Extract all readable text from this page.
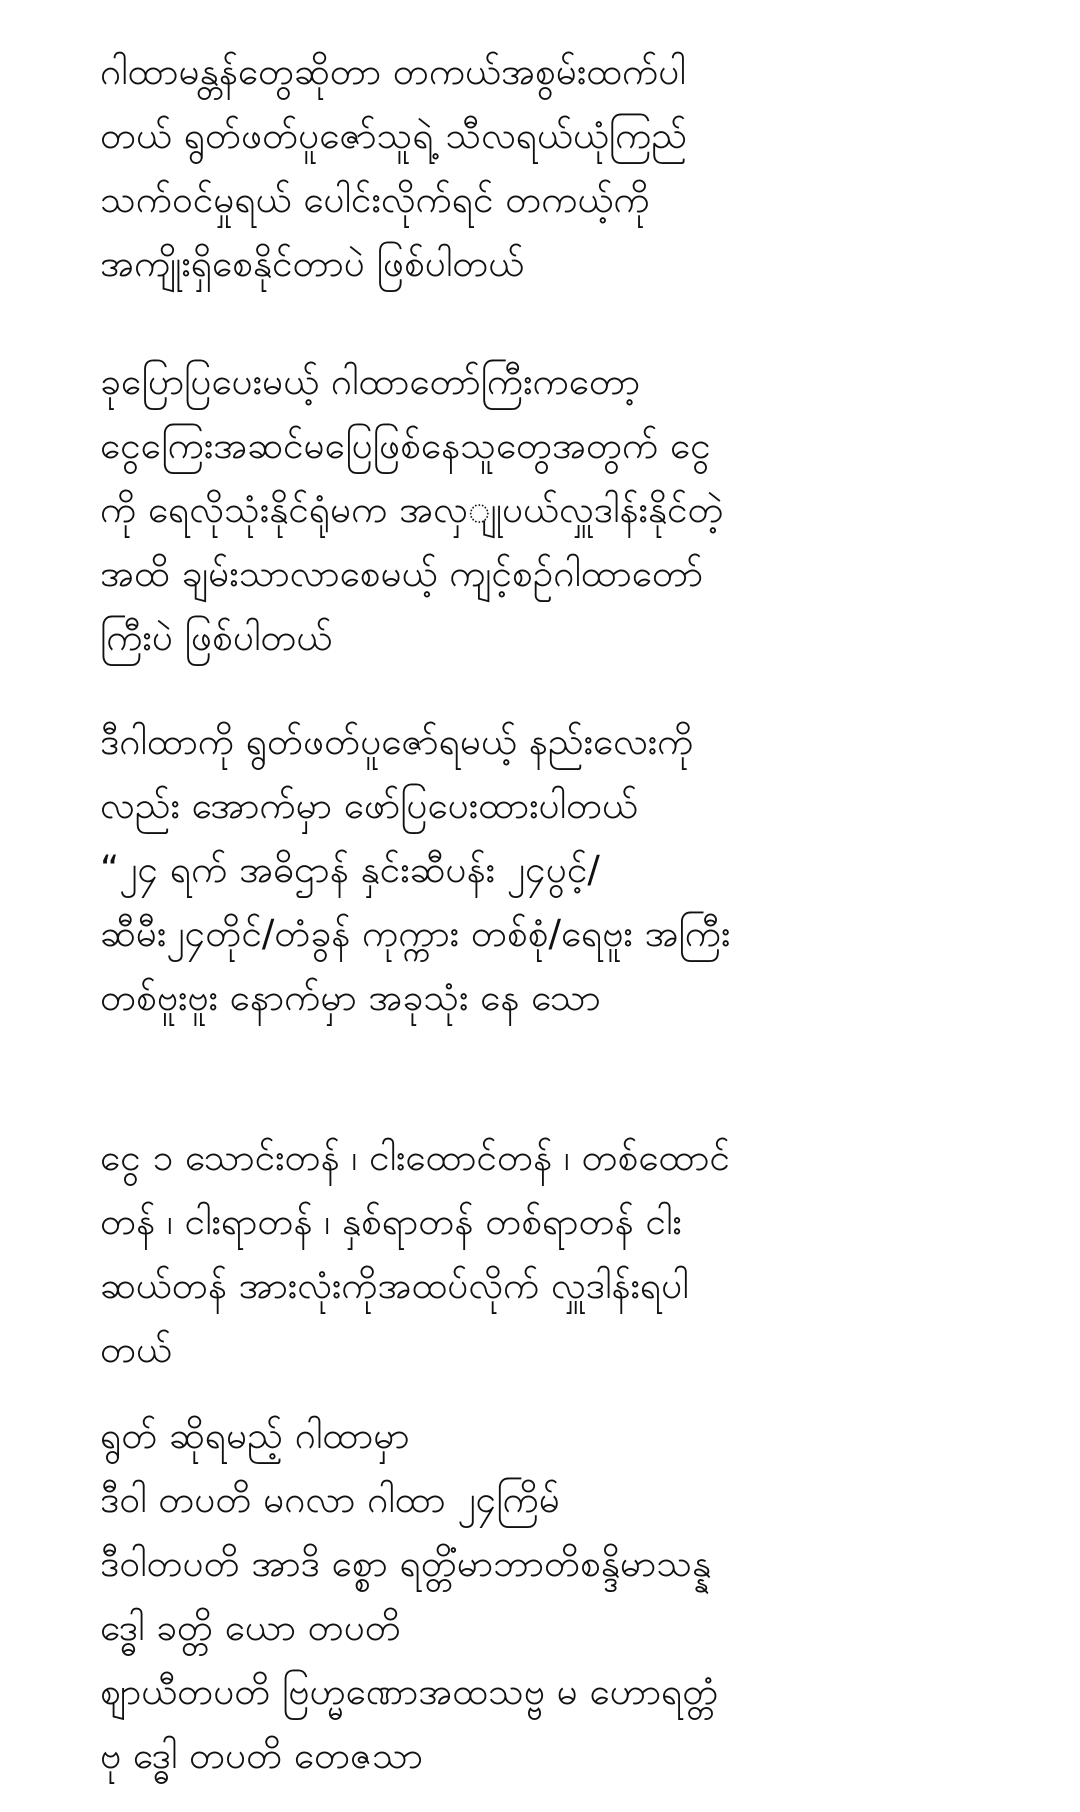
ဂါထာမန္တန်တွေဆိုတာ တကယ်အစွမ်းထက်ပါ
တယ် ရွတ်ဖတ်ပူဇော်သူရဲ့ သီလရယ်ယုံကြည်
သက်ဝင်မှုရယ် ပေါင်းလိုက်ရင် တကယ့်ကို
အကျိုးရှိစေနိုင်တာပဲ ဖြစ်ပါတယ်
ခုပြောပြပေးမယ့် ဂါထာတော်ကြီးကတော့
ငွေကြေးအဆင်မပြေဖြစ်နေသူတွေအတွက် ငွေ
ကို ရေလိုသုံးနိုင်ရုံမက အလှျုပယ်လှူဒါန်းနိုင်တဲ့
အထိ ချမ်းသာလာစေမယ့် ကျင့်စဉ်ဂါထာတော်
ကြီးပဲ ဖြစ်ပါတယ်
ဒီဂါထာကို ရွတ်ဖတ်ပူဇော်ရမယ့် နည်းလေးကို
လည်း အောက်မှာ ဖော်ပြပေးထားပါတယ်
“၂၄ ရက် အဓိဌာန် နှင်းဆီပန်း ၂၄ပွင့်/
ဆီမီး၂၄တိုင်/တံခွန် ကုက္ကား တစ်စုံ/ရေဗူး အကြီး
တစ်ဗူးဗူး နောက်မှာ အခုသုံး နေ သော
ငွေ ၁ သောင်းတန် ၊ ငါးထောင်တန် ၊ တစ်ထောင်
တန် ၊ ငါးရာတန် ၊ နှစ်ရာတန် တစ်ရာတန် ငါး
ဆယ်တန် အားလုံးကိုအထပ်လိုက် လှူဒါန်းရပါ
တယ်
ရွတ် ဆိုရမည့် ဂါထာမှာ
ဒီဝါ တပတိ မဂလာ ဂါထာ ၂၄ကြိမ်
ဒီဝါတပတိ အာဒိ စ္စော ရတ္တိံမာဘာတိစန္ဒိမာသန္န
ဒ္ဓေါ ခတ္တိ ယော တပတိ
ဈာယီတပတိ ဗြဟ္မဏောအထသဗ္ဗ မ ဟောရတ္တံ
ဗု ဒ္ဓေါ တပတိ တေဇသာ
